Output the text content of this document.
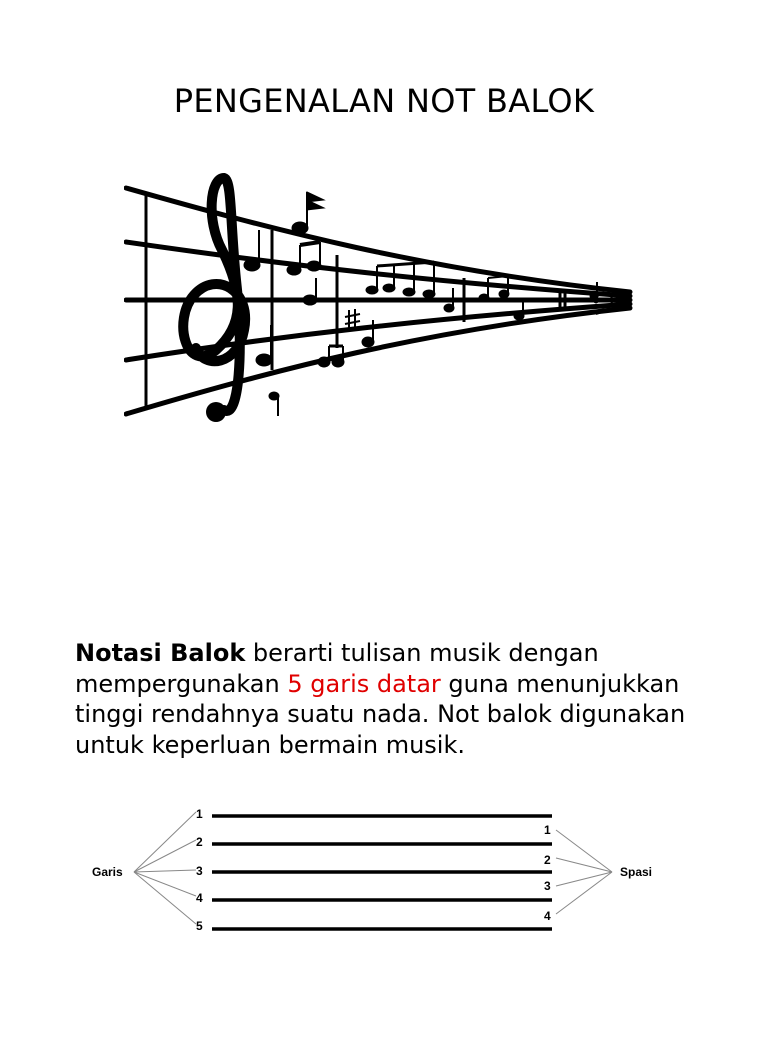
PENGENALAN NOT BALOK

Notasi Balok berarti tulisan musik dengan mempergunakan 5 garis datar guna menunjukkan tinggi rendahnya suatu nada. Not balok digunakan untuk keperluan bermain musik.

Garis	Spasi
1
2
3
4
5
1
2
3
4
